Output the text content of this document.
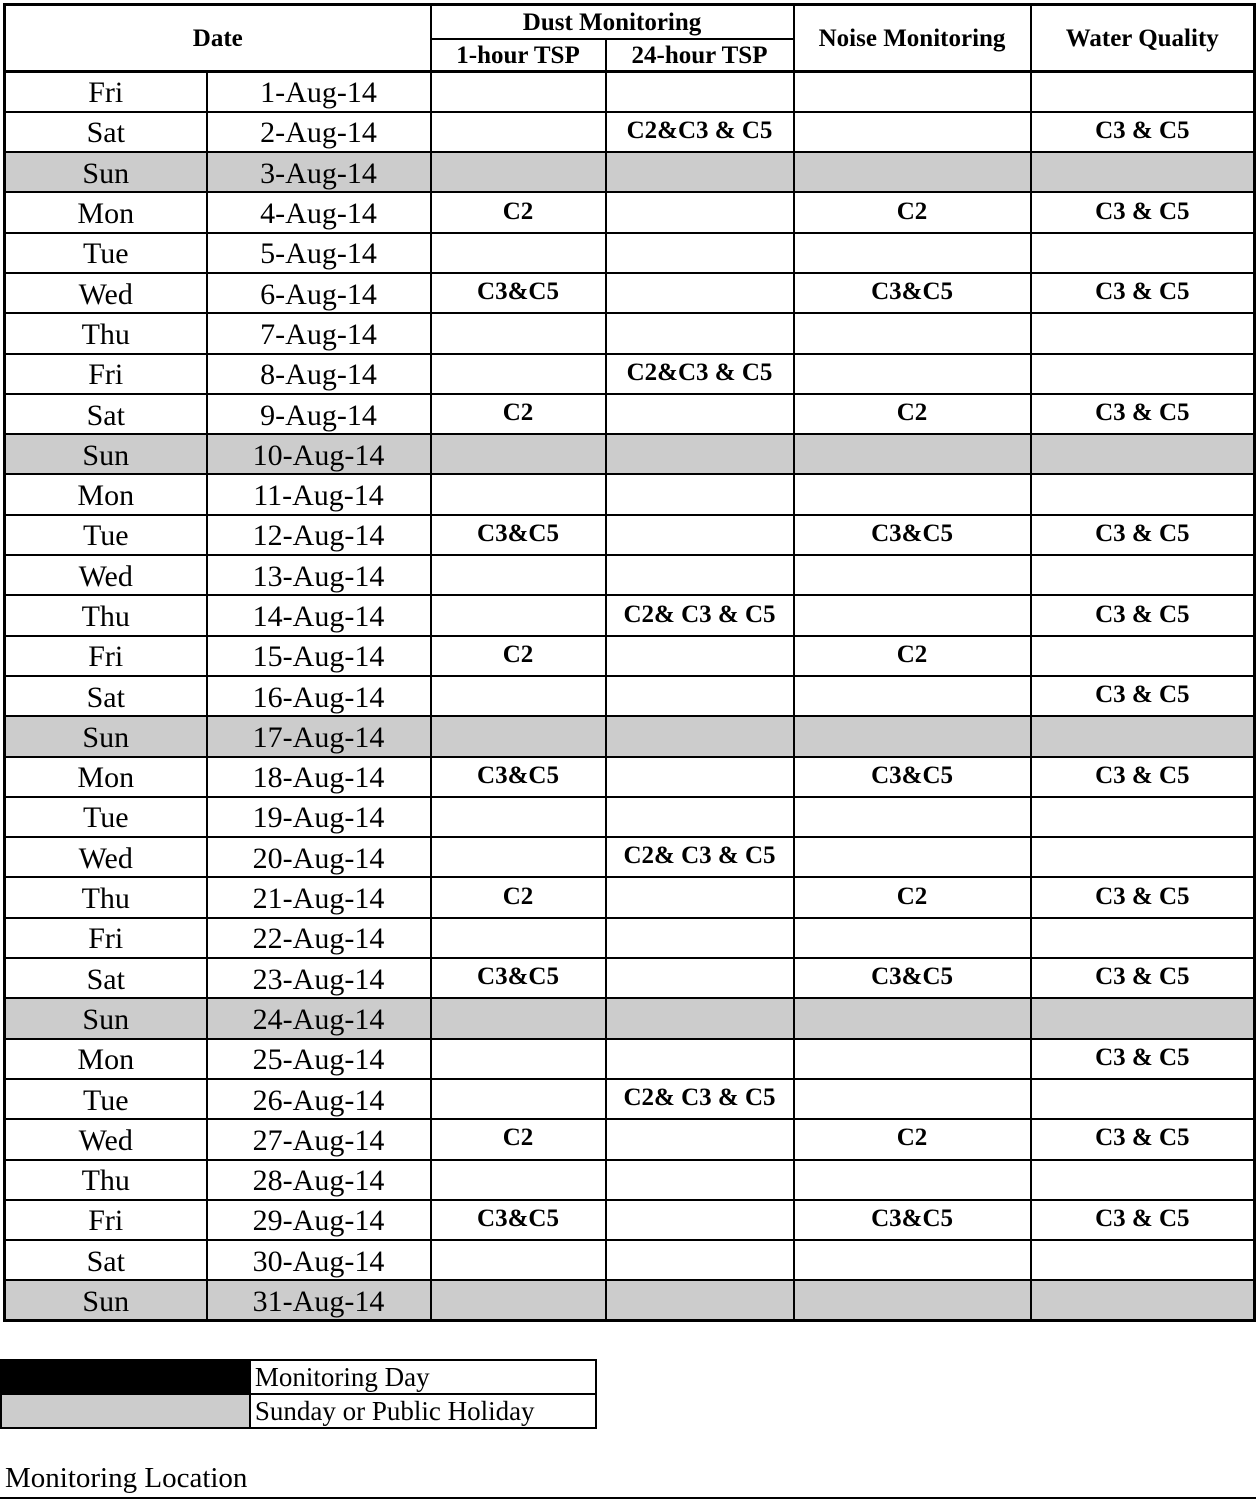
Date		Dust Monitoring		Noise Monitoring	Water Quality
		1-hour TSP	24-hour TSP		
Fri	1-Aug-14				
Sat	2-Aug-14		C2&C3 & C5		C3 & C5
Sun	3-Aug-14				
Mon	4-Aug-14	C2		C2	C3 & C5
Tue	5-Aug-14				
Wed	6-Aug-14	C3&C5		C3&C5	C3 & C5
Thu	7-Aug-14				
Fri	8-Aug-14		C2&C3 & C5		
Sat	9-Aug-14	C2		C2	C3 & C5
Sun	10-Aug-14				
Mon	11-Aug-14				
Tue	12-Aug-14	C3&C5		C3&C5	C3 & C5
Wed	13-Aug-14				
Thu	14-Aug-14		C2& C3 & C5		C3 & C5
Fri	15-Aug-14	C2		C2	
Sat	16-Aug-14				C3 & C5
Sun	17-Aug-14				
Mon	18-Aug-14	C3&C5		C3&C5	C3 & C5
Tue	19-Aug-14				
Wed	20-Aug-14		C2& C3 & C5		
Thu	21-Aug-14	C2		C2	C3 & C5
Fri	22-Aug-14				
Sat	23-Aug-14	C3&C5		C3&C5	C3 & C5
Sun	24-Aug-14				
Mon	25-Aug-14				C3 & C5
Tue	26-Aug-14		C2& C3 & C5		
Wed	27-Aug-14	C2		C2	C3 & C5
Thu	28-Aug-14				
Fri	29-Aug-14	C3&C5		C3&C5	C3 & C5
Sat	30-Aug-14				
Sun	31-Aug-14				
	Monitoring Day
	Sunday or Public Holiday
Monitoring Location
